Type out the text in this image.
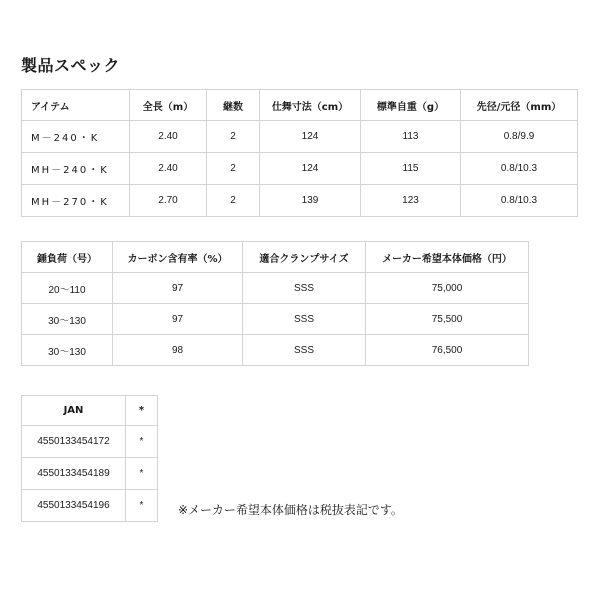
製品スペック
アイテム	全長（m）	継数	仕舞寸法（cm）	標準自重（g）	先径/元径（mm）
M－240・K	2.40	2	124	113	0.8/9.9
MH－240・K	2.40	2	124	115	0.8/10.3
MH－270・K	2.70	2	139	123	0.8/10.3
錘負荷（号）	カーボン含有率（%）	適合クランプサイズ	メーカー希望本体価格（円）
20～110	97	SSS	75,000
30～130	97	SSS	75,500
30～130	98	SSS	76,500
JAN	*
4550133454172	*
4550133454189	*
4550133454196	*	※メーカー希望本体価格は税抜表記です。
